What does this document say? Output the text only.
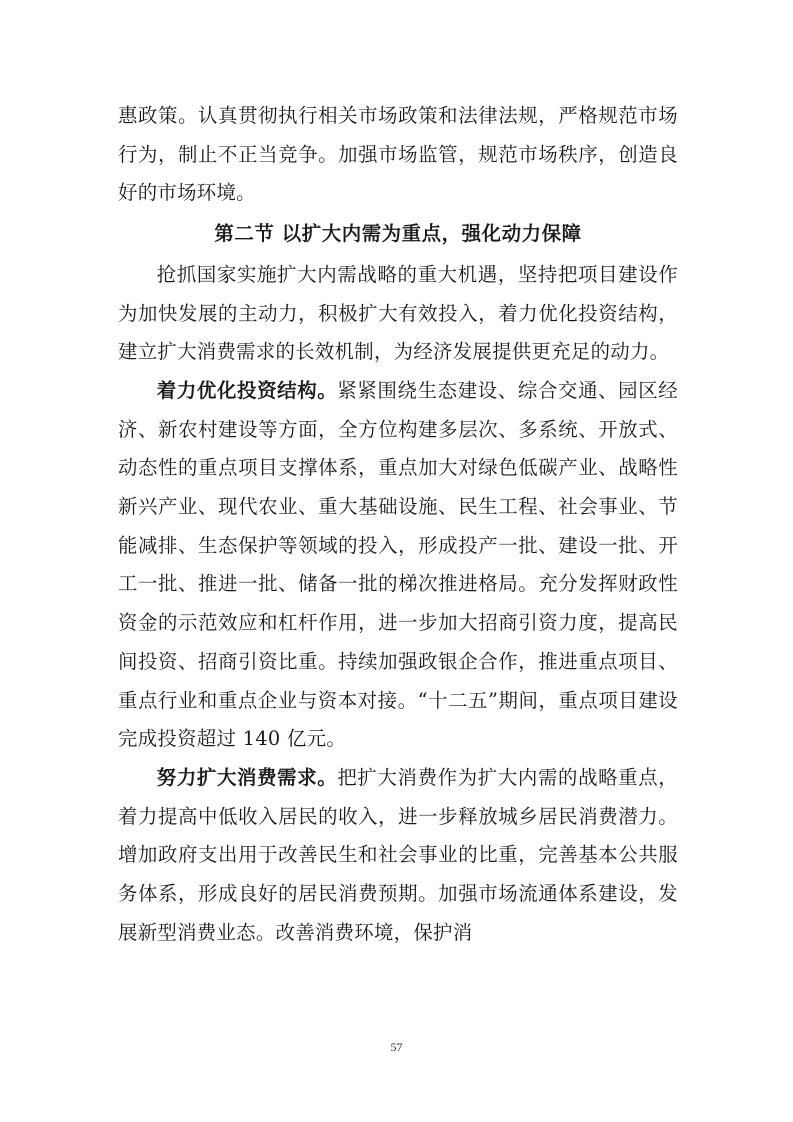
惠政策。认真贯彻执行相关市场政策和法律法规，严格规范市场行为，制止不正当竞争。加强市场监管，规范市场秩序，创造良好的市场环境。

第二节 以扩大内需为重点，强化动力保障

抢抓国家实施扩大内需战略的重大机遇，坚持把项目建设作为加快发展的主动力，积极扩大有效投入，着力优化投资结构，建立扩大消费需求的长效机制，为经济发展提供更充足的动力。

着力优化投资结构。紧紧围绕生态建设、综合交通、园区经济、新农村建设等方面，全方位构建多层次、多系统、开放式、动态性的重点项目支撑体系，重点加大对绿色低碳产业、战略性新兴产业、现代农业、重大基础设施、民生工程、社会事业、节能减排、生态保护等领域的投入，形成投产一批、建设一批、开工一批、推进一批、储备一批的梯次推进格局。充分发挥财政性资金的示范效应和杠杆作用，进一步加大招商引资力度，提高民间投资、招商引资比重。持续加强政银企合作，推进重点项目、重点行业和重点企业与资本对接。“十二五”期间，重点项目建设完成投资超过 140 亿元。

努力扩大消费需求。把扩大消费作为扩大内需的战略重点，着力提高中低收入居民的收入，进一步释放城乡居民消费潜力。增加政府支出用于改善民生和社会事业的比重，完善基本公共服务体系，形成良好的居民消费预期。加强市场流通体系建设，发展新型消费业态。改善消费环境，保护消

57
